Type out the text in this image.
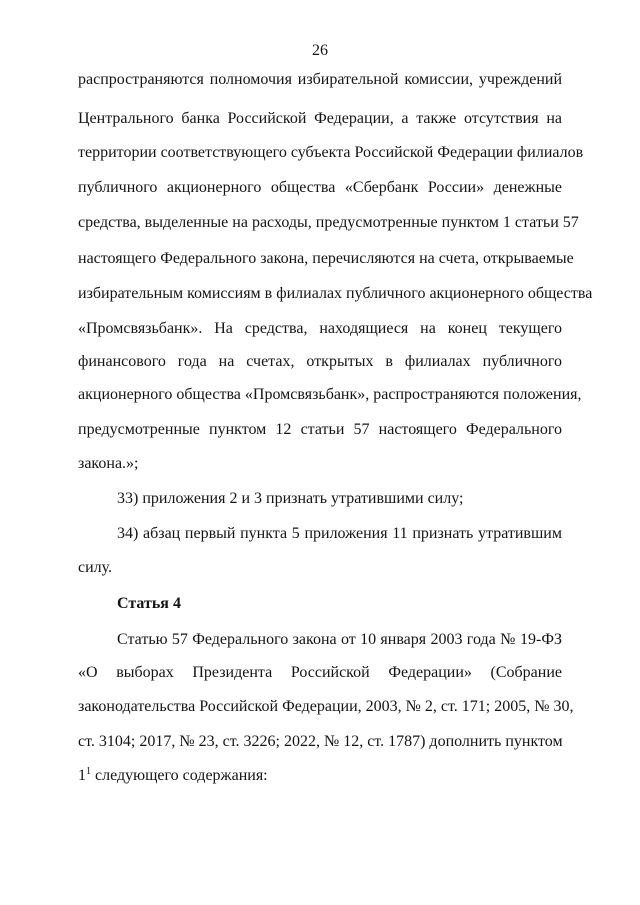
26
распространяются полномочия избирательной комиссии, учреждений
Центрального банка Российской Федерации, а также отсутствия на
территории соответствующего субъекта Российской Федерации филиалов
публичного акционерного общества «Сбербанк России» денежные
средства, выделенные на расходы, предусмотренные пунктом 1 статьи 57
настоящего Федерального закона, перечисляются на счета, открываемые
избирательным комиссиям в филиалах публичного акционерного общества
«Промсвязьбанк». На средства, находящиеся на конец текущего
финансового года на счетах, открытых в филиалах публичного
акционерного общества «Промсвязьбанк», распространяются положения,
предусмотренные пунктом 12 статьи 57 настоящего Федерального
закона.»;
33) приложения 2 и 3 признать утратившими силу;
34) абзац первый пункта 5 приложения 11 признать утратившим
силу.
Статья 4
Статью 57 Федерального закона от 10 января 2003 года № 19-ФЗ
«О выборах Президента Российской Федерации» (Собрание
законодательства Российской Федерации, 2003, № 2, ст. 171; 2005, № 30,
ст. 3104; 2017, № 23, ст. 3226; 2022, № 12, ст. 1787) дополнить пунктом
$1^1$ следующего содержания:
